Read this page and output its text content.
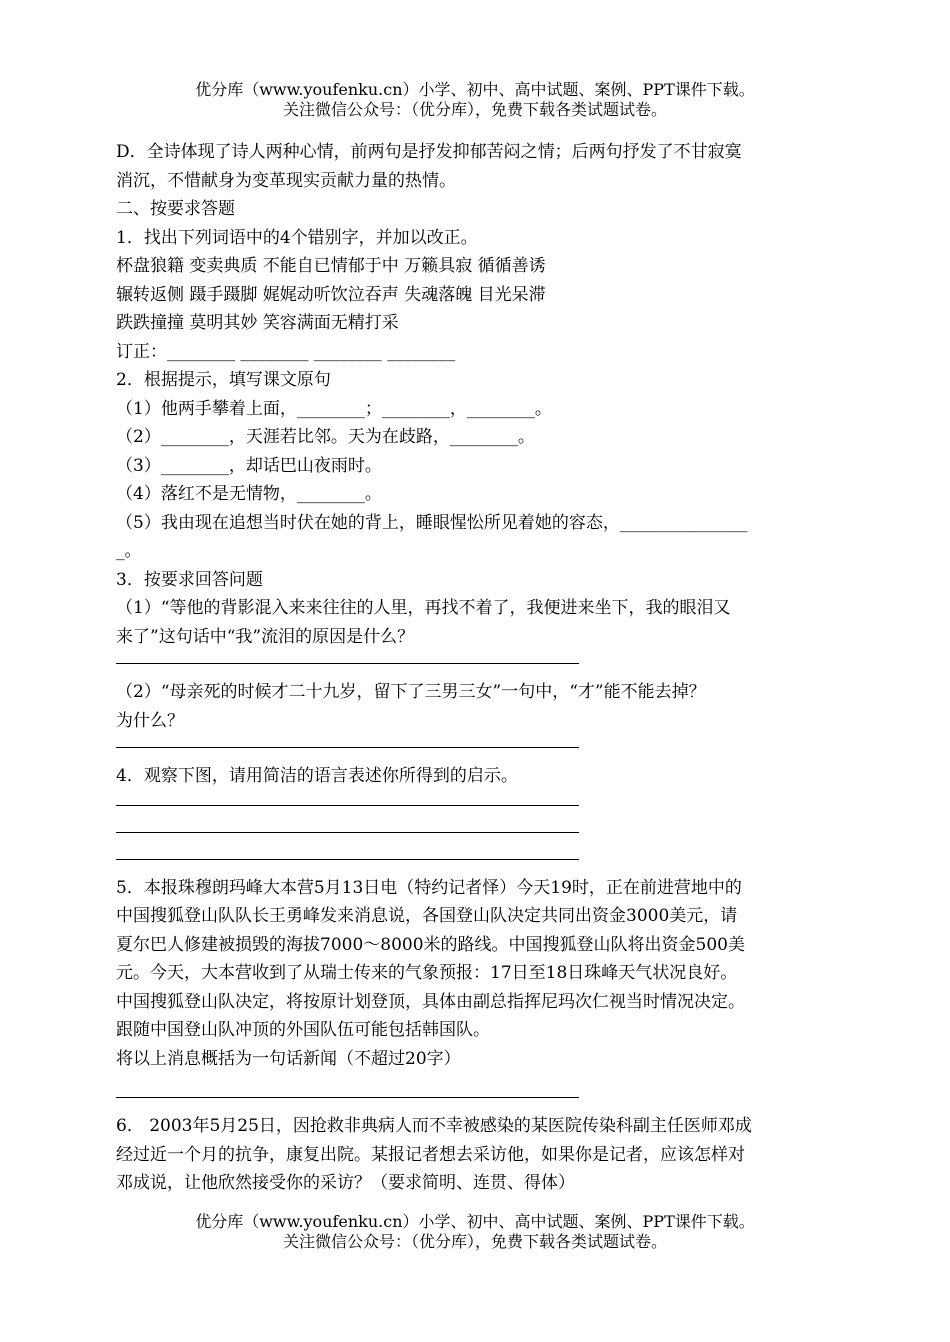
优分库（www.youfenku.cn）小学、初中、高中试题、案例、PPT课件下载。
关注微信公众号：（优分库），免费下载各类试题试卷。

D．全诗体现了诗人两种心情，前两句是抒发抑郁苦闷之情；后两句抒发了不甘寂寞

消沉，不惜献身为变革现实贡献力量的热情。

二、按要求答题

1．找出下列词语中的4个错别字，并加以改正。

杯盘狼籍 变卖典质 不能自已情郁于中 万籁具寂 循循善诱

辗转返侧 蹑手蹑脚 娓娓动听饮泣吞声 失魂落魄 目光呆滞

跌跌撞撞 莫明其妙 笑容满面无精打采

订正：________ ________ ________ ________

2．根据提示，填写课文原句

（1）他两手攀着上面，________；________，________。

（2）________，天涯若比邻。天为在歧路，________。

（3）________，却话巴山夜雨时。

（4）落红不是无情物，________。

（5）我由现在追想当时伏在她的背上，睡眼惺忪所见着她的容态，_______________

_。

3．按要求回答问题

（1）“等他的背影混入来来往往的人里，再找不着了，我便进来坐下，我的眼泪又

来了”这句话中“我”流泪的原因是什么？

（2）“母亲死的时候才二十九岁，留下了三男三女”一句中，“才”能不能去掉？

为什么？

4．观察下图，请用简洁的语言表述你所得到的启示。

5．本报珠穆朗玛峰大本营5月13日电（特约记者怿）今天19时，正在前进营地中的

中国搜狐登山队队长王勇峰发来消息说，各国登山队决定共同出资金3000美元，请

夏尔巴人修建被损毁的海拔7000～8000米的路线。中国搜狐登山队将出资金500美

元。今天，大本营收到了从瑞士传来的气象预报：17日至18日珠峰天气状况良好。

中国搜狐登山队决定，将按原计划登顶，具体由副总指挥尼玛次仁视当时情况决定。

跟随中国登山队冲顶的外国队伍可能包括韩国队。

将以上消息概括为一句话新闻（不超过20字）

6． 2003年5月25日，因抢救非典病人而不幸被感染的某医院传染科副主任医师邓成

经过近一个月的抗争，康复出院。某报记者想去采访他，如果你是记者，应该怎样对

邓成说，让他欣然接受你的采访？（要求简明、连贯、得体）

优分库（www.youfenku.cn）小学、初中、高中试题、案例、PPT课件下载。
关注微信公众号：（优分库），免费下载各类试题试卷。
